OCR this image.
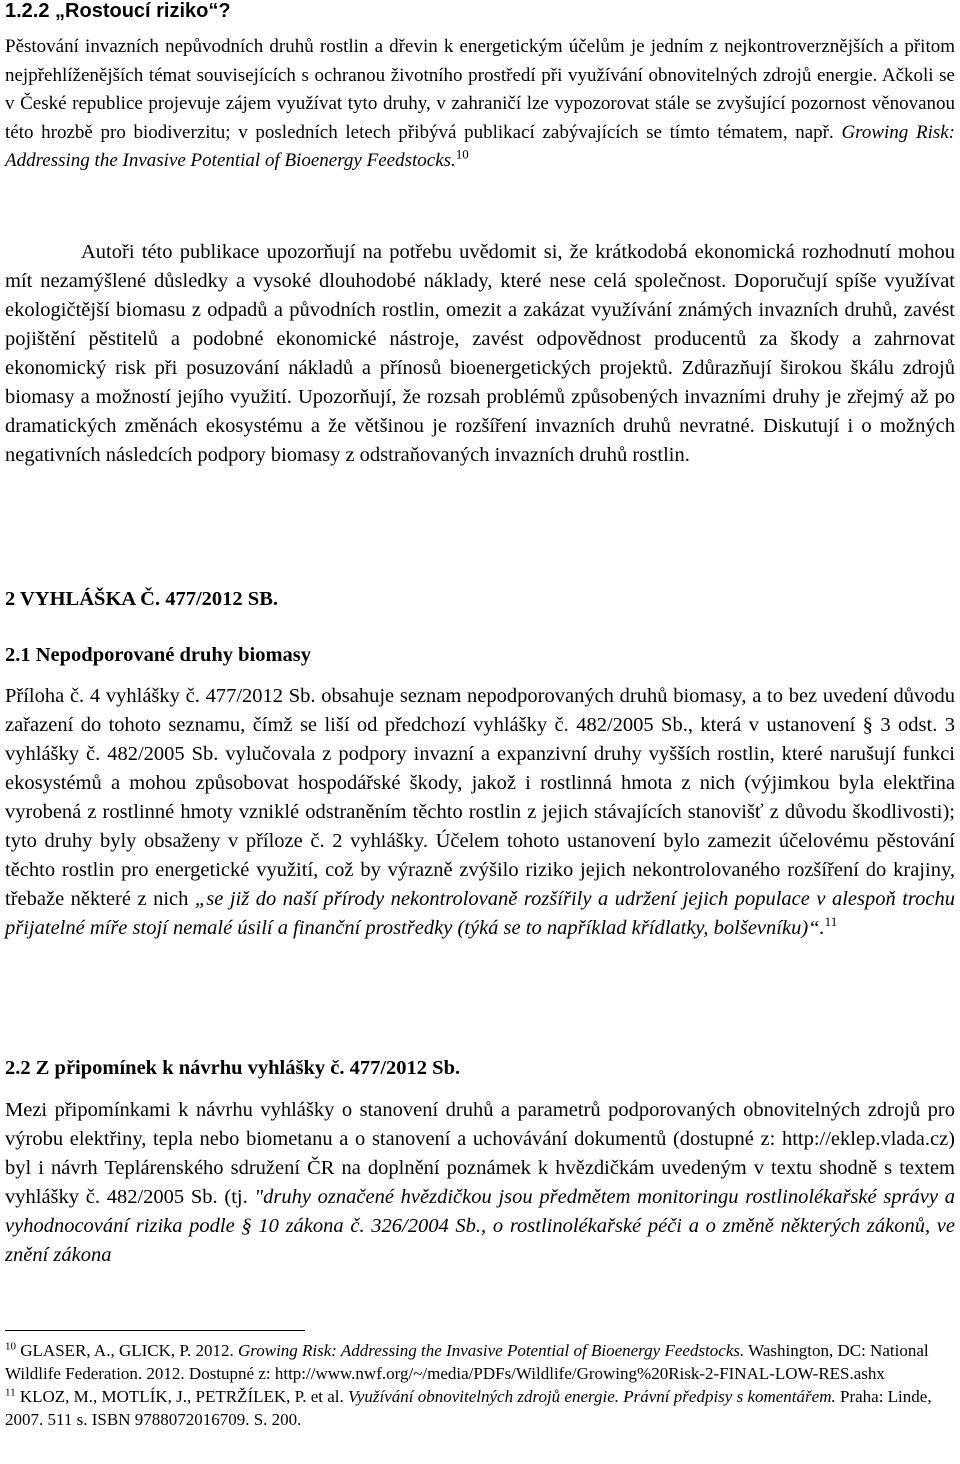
1.2.2 „Rostoucí riziko“?

Pěstování invazních nepůvodních druhů rostlin a dřevin k energetickým účelům je jedním z nejkontroverznějších a přitom nejpřehlíženějších témat souvisejících s ochranou životního prostředí při využívání obnovitelných zdrojů energie. Ačkoli se v České republice projevuje zájem využívat tyto druhy, v zahraničí lze vypozorovat stále se zvyšující pozornost věnovanou této hrozbě pro biodiverzitu; v posledních letech přibývá publikací zabývajících se tímto tématem, např. Growing Risk: Addressing the Invasive Potential of Bioenergy Feedstocks.$^{10}$

Autoři této publikace upozorňují na potřebu uvědomit si, že krátkodobá ekonomická rozhodnutí mohou mít nezamýšlené důsledky a vysoké dlouhodobé náklady, které nese celá společnost. Doporučují spíše využívat ekologičtější biomasu z odpadů a původních rostlin, omezit a zakázat využívání známých invazních druhů, zavést pojištění pěstitelů a podobné ekonomické nástroje, zavést odpovědnost producentů za škody a zahrnovat ekonomický risk při posuzování nákladů a přínosů bioenergetických projektů. Zdůrazňují širokou škálu zdrojů biomasy a možností jejího využití. Upozorňují, že rozsah problémů způsobených invazními druhy je zřejmý až po dramatických změnách ekosystému a že většinou je rozšíření invazních druhů nevratné. Diskutují i o možných negativních následcích podpory biomasy z odstraňovaných invazních druhů rostlin.

2 VYHLÁŠKA Č. 477/2012 SB.
2.1 Nepodporované druhy biomasy

Příloha č. 4 vyhlášky č. 477/2012 Sb. obsahuje seznam nepodporovaných druhů biomasy, a to bez uvedení důvodu zařazení do tohoto seznamu, čímž se liší od předchozí vyhlášky č. 482/2005 Sb., která v ustanovení § 3 odst. 3 vyhlášky č. 482/2005 Sb. vylučovala z podpory invazní a expanzivní druhy vyšších rostlin, které narušují funkci ekosystémů a mohou způsobovat hospodářské škody, jakož i rostlinná hmota z nich (výjimkou byla elektřina vyrobená z rostlinné hmoty vzniklé odstraněním těchto rostlin z jejich stávajících stanovišť z důvodu škodlivosti); tyto druhy byly obsaženy v příloze č. 2 vyhlášky. Účelem tohoto ustanovení bylo zamezit účelovému pěstování těchto rostlin pro energetické využití, což by výrazně zvýšilo riziko jejich nekontrolovaného rozšíření do krajiny, třebaže některé z nich „se již do naší přírody nekontrolovaně rozšířily a udržení jejich populace v alespoň trochu přijatelné míře stojí nemalé úsilí a finanční prostředky (týká se to například křídlatky, bolševníku)“.$^{11}$

2.2 Z připomínek k návrhu vyhlášky č. 477/2012 Sb.

Mezi připomínkami k návrhu vyhlášky o stanovení druhů a parametrů podporovaných obnovitelných zdrojů pro výrobu elektřiny, tepla nebo biometanu a o stanovení a uchovávání dokumentů (dostupné z: http://eklep.vlada.cz) byl i návrh Teplárenského sdružení ČR na doplnění poznámek k hvězdičkám uvedeným v textu shodně s textem vyhlášky č. 482/2005 Sb. (tj. "druhy označené hvězdičkou jsou předmětem monitoringu rostlinolékařské správy a vyhodnocování rizika podle § 10 zákona č. 326/2004 Sb., o rostlinolékařské péči a o změně některých zákonů, ve znění zákona

$^{10}$ GLASER, A., GLICK, P. 2012. Growing Risk: Addressing the Invasive Potential of Bioenergy Feedstocks. Washington, DC: National Wildlife Federation. 2012. Dostupné z: http://www.nwf.org/~/media/PDFs/Wildlife/Growing%20Risk-2-FINAL-LOW-RES.ashx

$^{11}$ KLOZ, M., MOTLÍK, J., PETRŽÍLEK, P. et al. Využívání obnovitelných zdrojů energie. Právní předpisy s komentářem. Praha: Linde, 2007. 511 s. ISBN 9788072016709. S. 200.
